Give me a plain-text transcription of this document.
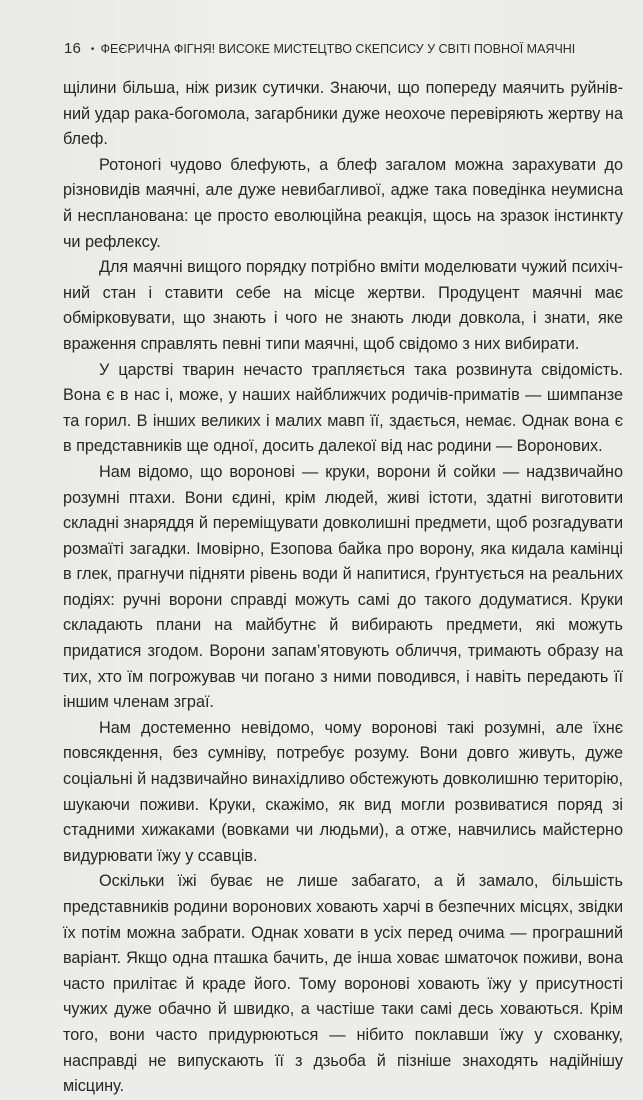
16 • ФЕЄРИЧНА ФІГНЯ! ВИСОКЕ МИСТЕЦТВО СКЕПСИСУ У СВІТІ ПОВНОЇ МАЯЧНІ

щілини більша, ніж ризик сутички. Знаючи, що попереду маячить руйнівний удар рака-богомола, загарбники дуже неохоче перевіряють жертву на блеф.

Ротоногі чудово блефують, а блеф загалом можна зарахувати до різновидів маячні, але дуже невибагливої, адже така поведінка неумисна й неспланована: це просто еволюційна реакція, щось на зразок інстинкту чи рефлексу.

Для маячні вищого порядку потрібно вміти моделювати чужий психічний стан і ставити себе на місце жертви. Продуцент маячні має обмірковувати, що знають і чого не знають люди довкола, і знати, яке враження справлять певні типи маячні, щоб свідомо з них вибирати.

У царстві тварин нечасто трапляється така розвинута свідомість. Вона є в нас і, може, у наших найближчих родичів-приматів — шимпанзе та горил. В інших великих і малих мавп її, здається, немає. Однак вона є в представників ще одної, досить далекої від нас родини — Воронових.

Нам відомо, що воронові — круки, ворони й сойки — надзвичайно розумні птахи. Вони єдині, крім людей, живі істоти, здатні виготовити складні знаряддя й переміщувати довколишні предмети, щоб розгадувати розмаїті загадки. Імовірно, Езопова байка про ворону, яка кидала камінці в глек, прагнучи підняти рівень води й напитися, ґрунтується на реальних подіях: ручні ворони справді можуть самі до такого додуматися. Круки складають плани на майбутнє й вибирають предмети, які можуть придатися згодом. Ворони запам’ятовують обличчя, тримають образу на тих, хто їм погрожував чи погано з ними поводився, і навіть передають її іншим членам зграї.

Нам достеменно невідомо, чому воронові такі розумні, але їхнє повсякдення, без сумніву, потребує розуму. Вони довго живуть, дуже соціальні й надзвичайно винахідливо обстежують довколишню територію, шукаючи поживи. Круки, скажімо, як вид могли розвиватися поряд зі стадними хижаками (вовками чи людьми), а отже, навчились майстерно видурювати їжу у ссавців.

Оскільки їжі буває не лише забагато, а й замало, більшість представників родини воронових ховають харчі в безпечних місцях, звідки їх потім можна забрати. Однак ховати в усіх перед очима — програшний варіант. Якщо одна пташка бачить, де інша ховає шматочок поживи, вона часто прилітає й краде його. Тому воронові ховають їжу у присутності чужих дуже обачно й швидко, а частіше таки самі десь ховаються. Крім того, вони часто придурюються — нібито поклавши їжу у схованку, насправді не випускають її з дзьоба й пізніше знаходять надійнішу місцину.
